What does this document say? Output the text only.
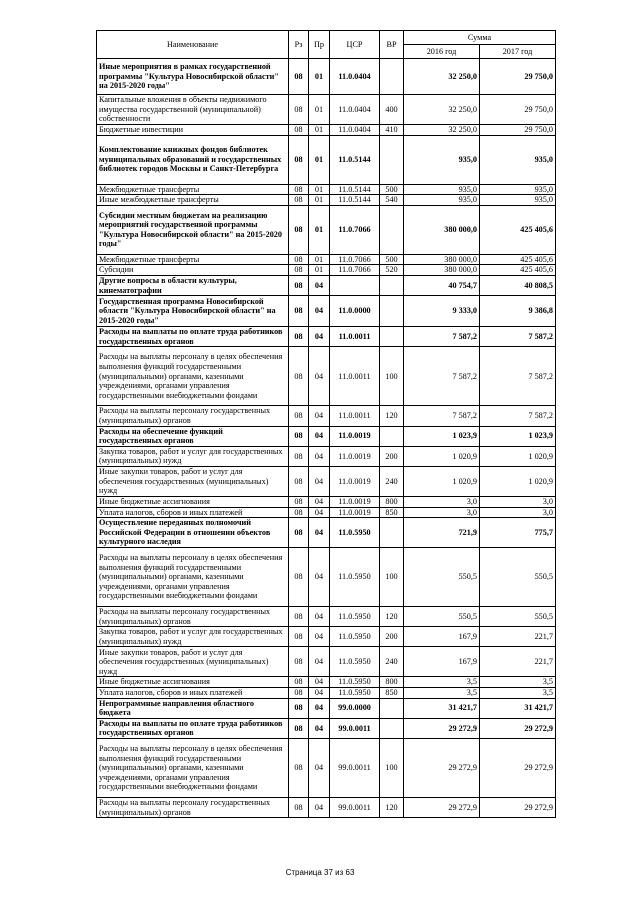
Наименование	Рз	Пр	ЦСР	ВР	Сумма	
					2016 год	2017 год
Иные мероприятия в рамках государственной программы "Культура Новосибирской области" на 2015-2020 годы"	08	01	11.0.0404		32 250,0	29 750,0
Капитальные вложения в объекты недвижимого имущества государственной (муниципальной) собственности	08	01	11.0.0404	400	32 250,0	29 750,0
Бюджетные инвестиции	08	01	11.0.0404	410	32 250,0	29 750,0
Комплектование книжных фондов библиотек муниципальных образований и государственных библиотек городов Москвы и Санкт-Петербурга	08	01	11.0.5144		935,0	935,0
Межбюджетные трансферты	08	01	11.0.5144	500	935,0	935,0
Иные межбюджетные трансферты	08	01	11.0.5144	540	935,0	935,0
Субсидии местным бюджетам на реализацию мероприятий государственной программы "Культура Новосибирской области" на 2015-2020 годы"	08	01	11.0.7066		380 000,0	425 405,6
Межбюджетные трансферты	08	01	11.0.7066	500	380 000,0	425 405,6
Субсидии	08	01	11.0.7066	520	380 000,0	425 405,6
Другие вопросы в области культуры, кинематографии	08	04			40 754,7	40 808,5
Государственная программа Новосибирской области "Культура Новосибирской области" на 2015-2020 годы"	08	04	11.0.0000		9 333,0	9 386,8
Расходы на выплаты по оплате труда работников государственных органов	08	04	11.0.0011		7 587,2	7 587,2
Расходы на выплаты персоналу в целях обеспечения выполнения функций государственными (муниципальными) органами, казенными учреждениями, органами управления государственными внебюджетными фондами	08	04	11.0.0011	100	7 587,2	7 587,2
Расходы на выплаты персоналу государственных (муниципальных) органов	08	04	11.0.0011	120	7 587,2	7 587,2
Расходы на обеспечение функций государственных органов	08	04	11.0.0019		1 023,9	1 023,9
Закупка товаров, работ и услуг для государственных (муниципальных) нужд	08	04	11.0.0019	200	1 020,9	1 020,9
Иные закупки товаров, работ и услуг для обеспечения государственных (муниципальных) нужд	08	04	11.0.0019	240	1 020,9	1 020,9
Иные бюджетные ассигнования	08	04	11.0.0019	800	3,0	3,0
Уплата налогов, сборов и иных платежей	08	04	11.0.0019	850	3,0	3,0
Осуществление переданных полномочий Российской Федерации в отношении объектов культурного наследия	08	04	11.0.5950		721,9	775,7
Расходы на выплаты персоналу в целях обеспечения выполнения функций государственными (муниципальными) органами, казенными учреждениями, органами управления государственными внебюджетными фондами	08	04	11.0.5950	100	550,5	550,5
Расходы на выплаты персоналу государственных (муниципальных) органов	08	04	11.0.5950	120	550,5	550,5
Закупка товаров, работ и услуг для государственных (муниципальных) нужд	08	04	11.0.5950	200	167,9	221,7
Иные закупки товаров, работ и услуг для обеспечения государственных (муниципальных) нужд	08	04	11.0.5950	240	167,9	221,7
Иные бюджетные ассигнования	08	04	11.0.5950	800	3,5	3,5
Уплата налогов, сборов и иных платежей	08	04	11.0.5950	850	3,5	3,5
Непрограммные направления областного бюджета	08	04	99.0.0000		31 421,7	31 421,7
Расходы на выплаты по оплате труда работников государственных органов	08	04	99.0.0011		29 272,9	29 272,9
Расходы на выплаты персоналу в целях обеспечения выполнения функций государственными (муниципальными) органами, казенными учреждениями, органами управления государственными внебюджетными фондами	08	04	99.0.0011	100	29 272,9	29 272,9
Расходы на выплаты персоналу государственных (муниципальных) органов	08	04	99.0.0011	120	29 272,9	29 272,9
Страница 37 из 63
